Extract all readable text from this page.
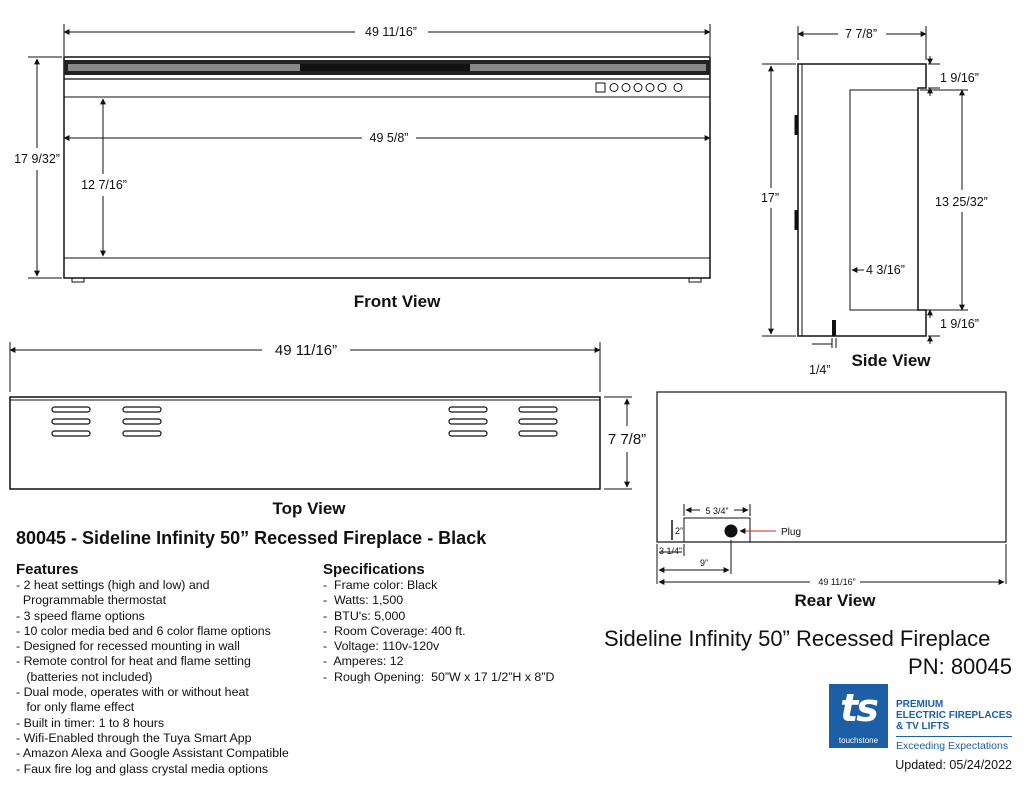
49 11/16”
49 5/8”
17 9/32”
12 7/16”
Front View
7 7/8”
1 9/16”
17”	13 25/32”
4 3/16”
1 9/16”
1/4” Side View
49 11/16”
7 7/8”
Top View	5 3/4”
2”
3 1/4”
9”
49 11/16”
Plug
Rear View
80045 - Sideline Infinity 50” Recessed Fireplace - Black
Features
- 2 heat settings (high and low) and
Programmable thermostat
- 3 speed flame options
- 10 color media bed and 6 color flame options
- Designed for recessed mounting in wall
- Remote control for heat and flame setting
(batteries not included)
- Dual mode, operates with or without heat
for only flame effect
- Built in timer: 1 to 8 hours
- Wifi-Enabled through the Tuya Smart App
- Amazon Alexa and Google Assistant Compatible
- Faux fire log and glass crystal media options
Specifications
-  Frame color: Black
-  Watts: 1,500
-  BTU's: 5,000
-  Room Coverage: 400 ft.
-  Voltage: 110v-120v
-  Amperes: 12
-  Rough Opening:  50”W x 17 1/2”H x 8”D
Sideline Infinity 50” Recessed Fireplace
PN: 80045
ts
touchstone
PREMIUM
ELECTRIC FIREPLACES
& TV LIFTS
Exceeding Expectations
Updated: 05/24/2022
